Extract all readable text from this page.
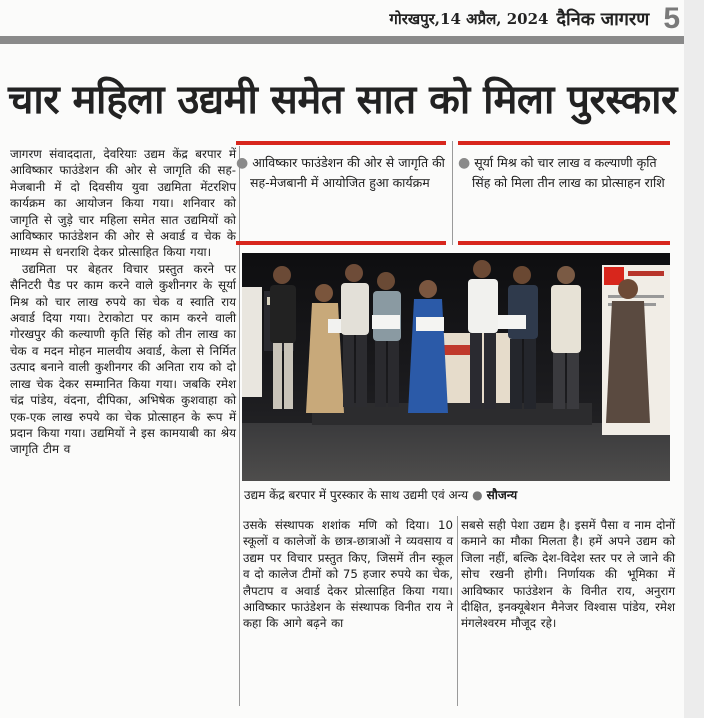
गोरखपुर,14 अप्रैल, 2024 दैनिक जागरण 5
चार महिला उद्यमी समेत सात को मिला पुरस्कार

जागरण संवाददाता, देवरियाः उद्यम केंद्र बरपार में आविष्कार फाउंडेशन की ओर से जागृति की सह-मेजबानी में दो दिवसीय युवा उद्यमिता मेंटरशिप कार्यक्रम का आयोजन किया गया। शनिवार को जागृति से जुड़े चार महिला समेत सात उद्यमियों को आविष्कार फाउंडेशन की ओर से अवार्ड व चेक के माध्यम से धनराशि देकर प्रोत्साहित किया गया।

उद्यमिता पर बेहतर विचार प्रस्तुत करने पर सैनिटरी पैड पर काम करने वाले कुशीनगर के सूर्या मिश्र को चार लाख रुपये का चेक व स्वाति राय अवार्ड दिया गया। टेराकोटा पर काम करने वाली गोरखपुर की कल्याणी कृति सिंह को तीन लाख का चेक व मदन मोहन मालवीय अवार्ड, केला से निर्मित उत्पाद बनाने वाली कुशीनगर की अनिता राय को दो लाख चेक देकर सम्मानित किया गया। जबकि रमेश चंद्र पांडेय, वंदना, दीपिका, अभिषेक कुशवाहा को एक-एक लाख रुपये का चेक प्रोत्साहन के रूप में प्रदान किया गया। उद्यमियों ने इस कामयाबी का श्रेय जागृति टीम व

● आविष्कार फाउंडेशन की ओर से जागृति की सह-मेजबानी में आयोजित हुआ कार्यक्रम
● सूर्या मिश्र को चार लाख व कल्याणी कृति सिंह को मिला तीन लाख का प्रोत्साहन राशि
उद्यम केंद्र बरपार में पुरस्कार के साथ उद्यमी एवं अन्य ● सौजन्य

उसके संस्थापक शशांक मणि को दिया। 10 स्कूलों व कालेजों के छात्र-छात्राओं ने व्यवसाय व उद्यम पर विचार प्रस्तुत किए, जिसमें तीन स्कूल व दो कालेज टीमों को 75 हजार रुपये का चेक, लैपटाप व अवार्ड देकर प्रोत्साहित किया गया। आविष्कार फाउंडेशन के संस्थापक विनीत राय ने कहा कि आगे बढ़ने का

सबसे सही पेशा उद्यम है। इसमें पैसा व नाम दोनों कमाने का मौका मिलता है। हमें अपने उद्यम को जिला नहीं, बल्कि देश-विदेश स्तर पर ले जाने की सोच रखनी होगी। निर्णायक की भूमिका में आविष्कार फाउंडेशन के विनीत राय, अनुराग दीक्षित, इनक्यूबेशन मैनेजर विश्वास पांडेय, रमेश मंगलेश्वरम मौजूद रहे।
